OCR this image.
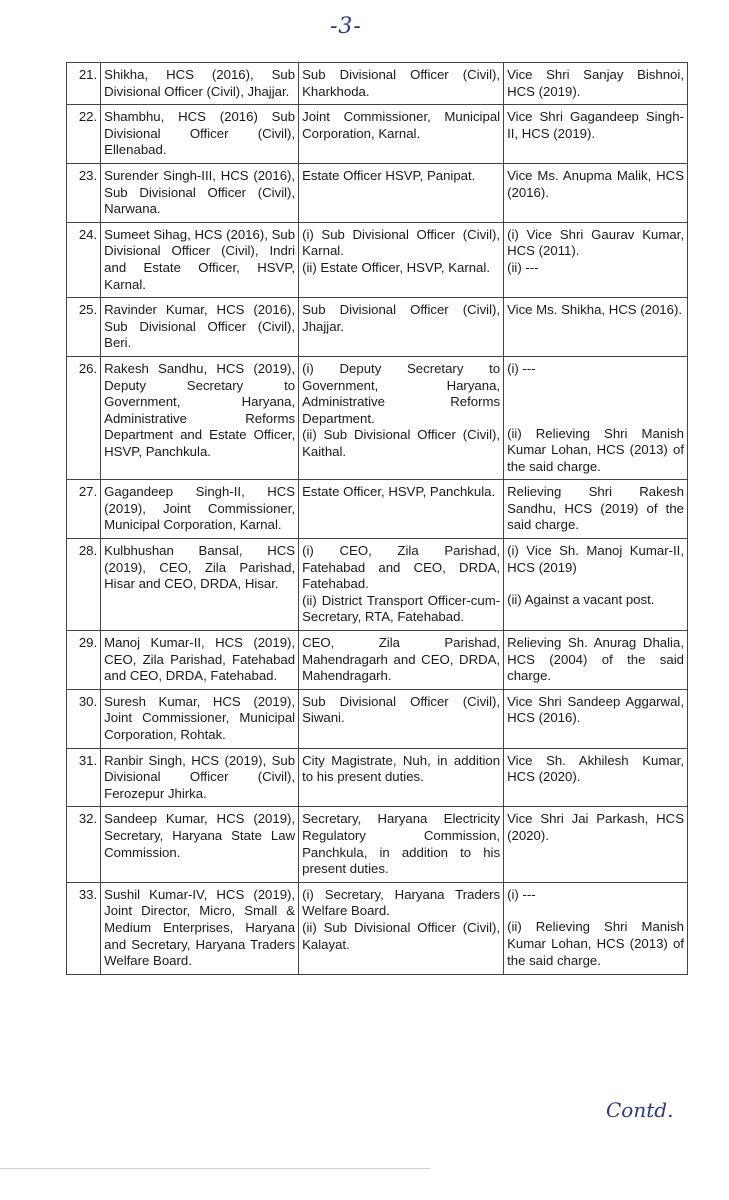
-3-
21.	Shikha, HCS (2016), Sub Divisional Officer (Civil), Jhajjar.	Sub Divisional Officer (Civil), Kharkhoda.	Vice Shri Sanjay Bishnoi, HCS (2019).

22.	Shambhu, HCS (2016) Sub Divisional Officer (Civil), Ellenabad.	Joint Commissioner, Municipal Corporation, Karnal.	Vice Shri Gagandeep Singh-II, HCS (2019).

23.	Surender Singh-III, HCS (2016), Sub Divisional Officer (Civil), Narwana.	Estate Officer HSVP, Panipat.	Vice Ms. Anupma Malik, HCS (2016).

24.	Sumeet Sihag, HCS (2016), Sub Divisional Officer (Civil), Indri and Estate Officer, HSVP, Karnal.	(i) Sub Divisional Officer (Civil), Karnal.
(ii) Estate Officer, HSVP, Karnal.	(i) Vice Shri Gaurav Kumar, HCS (2011).
(ii) ---

25.	Ravinder Kumar, HCS (2016), Sub Divisional Officer (Civil), Beri.	Sub Divisional Officer (Civil), Jhajjar.	Vice Ms. Shikha, HCS (2016).

26.	Rakesh Sandhu, HCS (2019), Deputy Secretary to Government, Haryana, Administrative Reforms Department and Estate Officer, HSVP, Panchkula.	(i) Deputy Secretary to Government, Haryana, Administrative Reforms Department.
(ii) Sub Divisional Officer (Civil), Kaithal.	(i) ---
(ii) Relieving Shri Manish Kumar Lohan, HCS (2013) of the said charge.

27.	Gagandeep Singh-II, HCS (2019), Joint Commissioner, Municipal Corporation, Karnal.	Estate Officer, HSVP, Panchkula.	Relieving Shri Rakesh Sandhu, HCS (2019) of the said charge.

28.	Kulbhushan Bansal, HCS (2019), CEO, Zila Parishad, Hisar and CEO, DRDA, Hisar.	(i) CEO, Zila Parishad, Fatehabad and CEO, DRDA, Fatehabad.
(ii) District Transport Officer-cum-Secretary, RTA, Fatehabad.	(i) Vice Sh. Manoj Kumar-II, HCS (2019)
(ii) Against a vacant post.

29.	Manoj Kumar-II, HCS (2019), CEO, Zila Parishad, Fatehabad and CEO, DRDA, Fatehabad.	CEO, Zila Parishad, Mahendragarh and CEO, DRDA, Mahendragarh.	Relieving Sh. Anurag Dhalia, HCS (2004) of the said charge.

30.	Suresh Kumar, HCS (2019), Joint Commissioner, Municipal Corporation, Rohtak.	Sub Divisional Officer (Civil), Siwani.	Vice Shri Sandeep Aggarwal, HCS (2016).

31.	Ranbir Singh, HCS (2019), Sub Divisional Officer (Civil), Ferozepur Jhirka.	City Magistrate, Nuh, in addition to his present duties.	Vice Sh. Akhilesh Kumar, HCS (2020).

32.	Sandeep Kumar, HCS (2019), Secretary, Haryana State Law Commission.	Secretary, Haryana Electricity Regulatory Commission, Panchkula, in addition to his present duties.	Vice Shri Jai Parkash, HCS (2020).

33.	Sushil Kumar-IV, HCS (2019), Joint Director, Micro, Small & Medium Enterprises, Haryana and Secretary, Haryana Traders Welfare Board.	(i) Secretary, Haryana Traders Welfare Board.
(ii) Sub Divisional Officer (Civil), Kalayat.	(i) ---
(ii) Relieving Shri Manish Kumar Lohan, HCS (2013) of the said charge.
Contd.
